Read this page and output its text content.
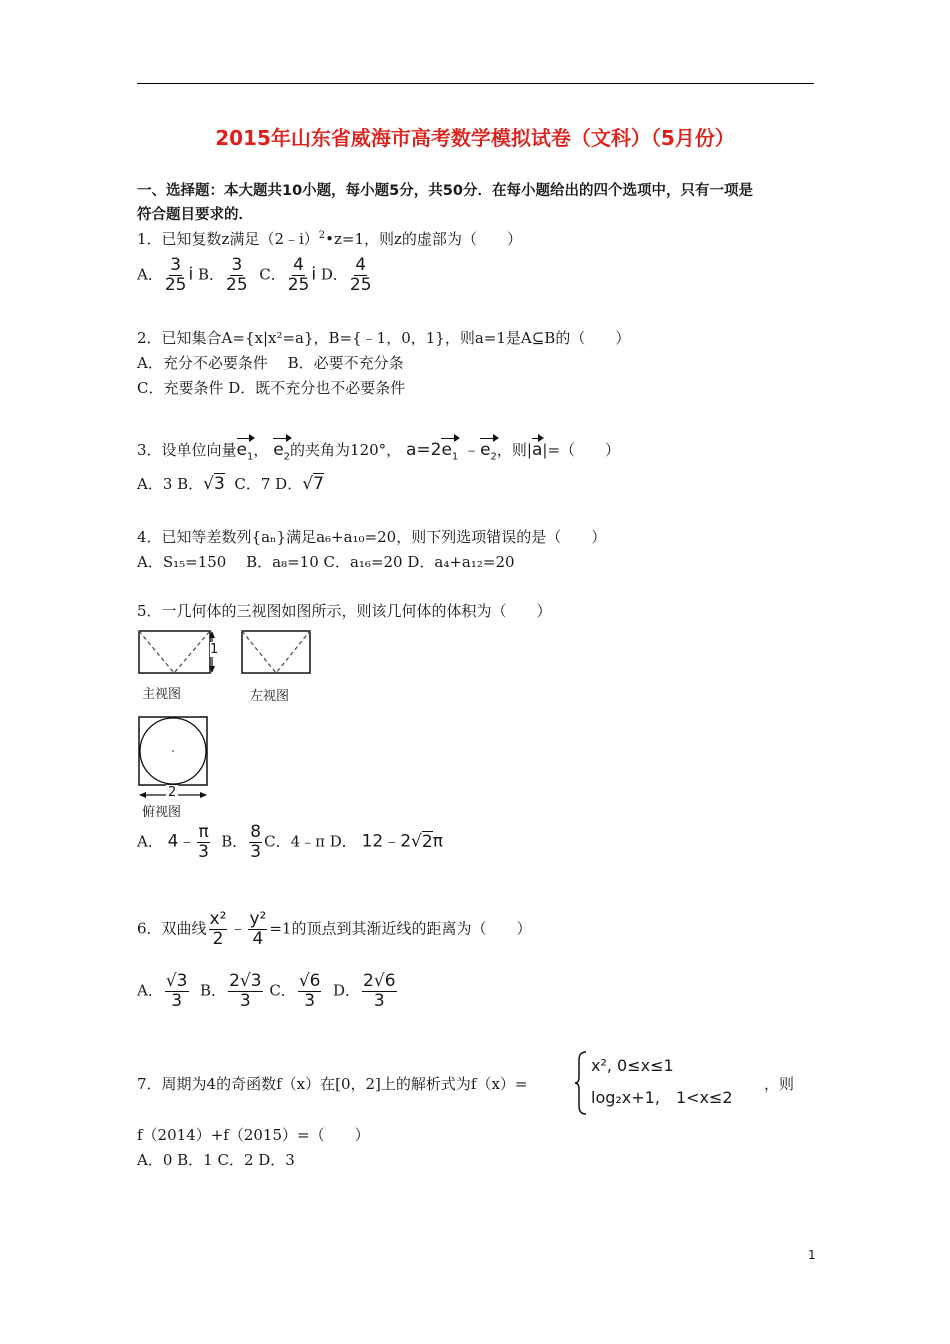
2015年山东省威海市高考数学模拟试卷（文科）（5月份）
一、选择题：本大题共10小题，每小题5分，共50分．在每小题给出的四个选项中，只有一项是
符合题目要求的．
1．已知复数z满足（2﹣i）$^2$•z=1，则z的虚部为（　　）
A． $\frac{3}{25}$ i B． $\frac{3}{25}$ C． $\frac{4}{25}$ i D． $\frac{4}{25}$
2．已知集合A={x|x²=a}，B={﹣1，0，1}，则a=1是A⊆B的（　　）
A．充分不必要条件　 B．必要不充分条
C．充要条件 D．既不充分也不必要条件
3．设单位向量$e_1$， $e_2$的夹角为120°， $a=2e_1$ $﹣e_2$，则|a|=（　　）
A．3 B．√3 C．7 D．√7
4．已知等差数列{aₙ}满足a₆+a₁₀=20，则下列选项错误的是（　　）
A．S₁₅=150　 B．a₈=10 C．a₁₆=20 D．a₄+a₁₂=20
5．一几何体的三视图如图所示，则该几何体的体积为（　　）
1
2
主视图	左视图
俯视图
A． 4﹣ $\frac{\pi}{3}$ B． $\frac{8}{3}$ C．4﹣π D． 12﹣2√2π
6．双曲线 $\frac{\text{x²}}{2}$ ﹣ $\frac{\text{y²}}{4} =1$的顶点到其渐近线的距离为（　　）
A． $\frac{√3}{3}$ B． $\frac{2√3}{3}$ C． $\frac{√6}{3}$ D． $\frac{2√6}{3}$
7．周期为4的奇函数f（x）在[0，2]上的解析式为f（x）=
x², 0≤x≤1
log₂x+1,　1<x≤2
，则
f（2014）+f（2015）=（　　）
A．0 B．1 C．2 D．3
1
